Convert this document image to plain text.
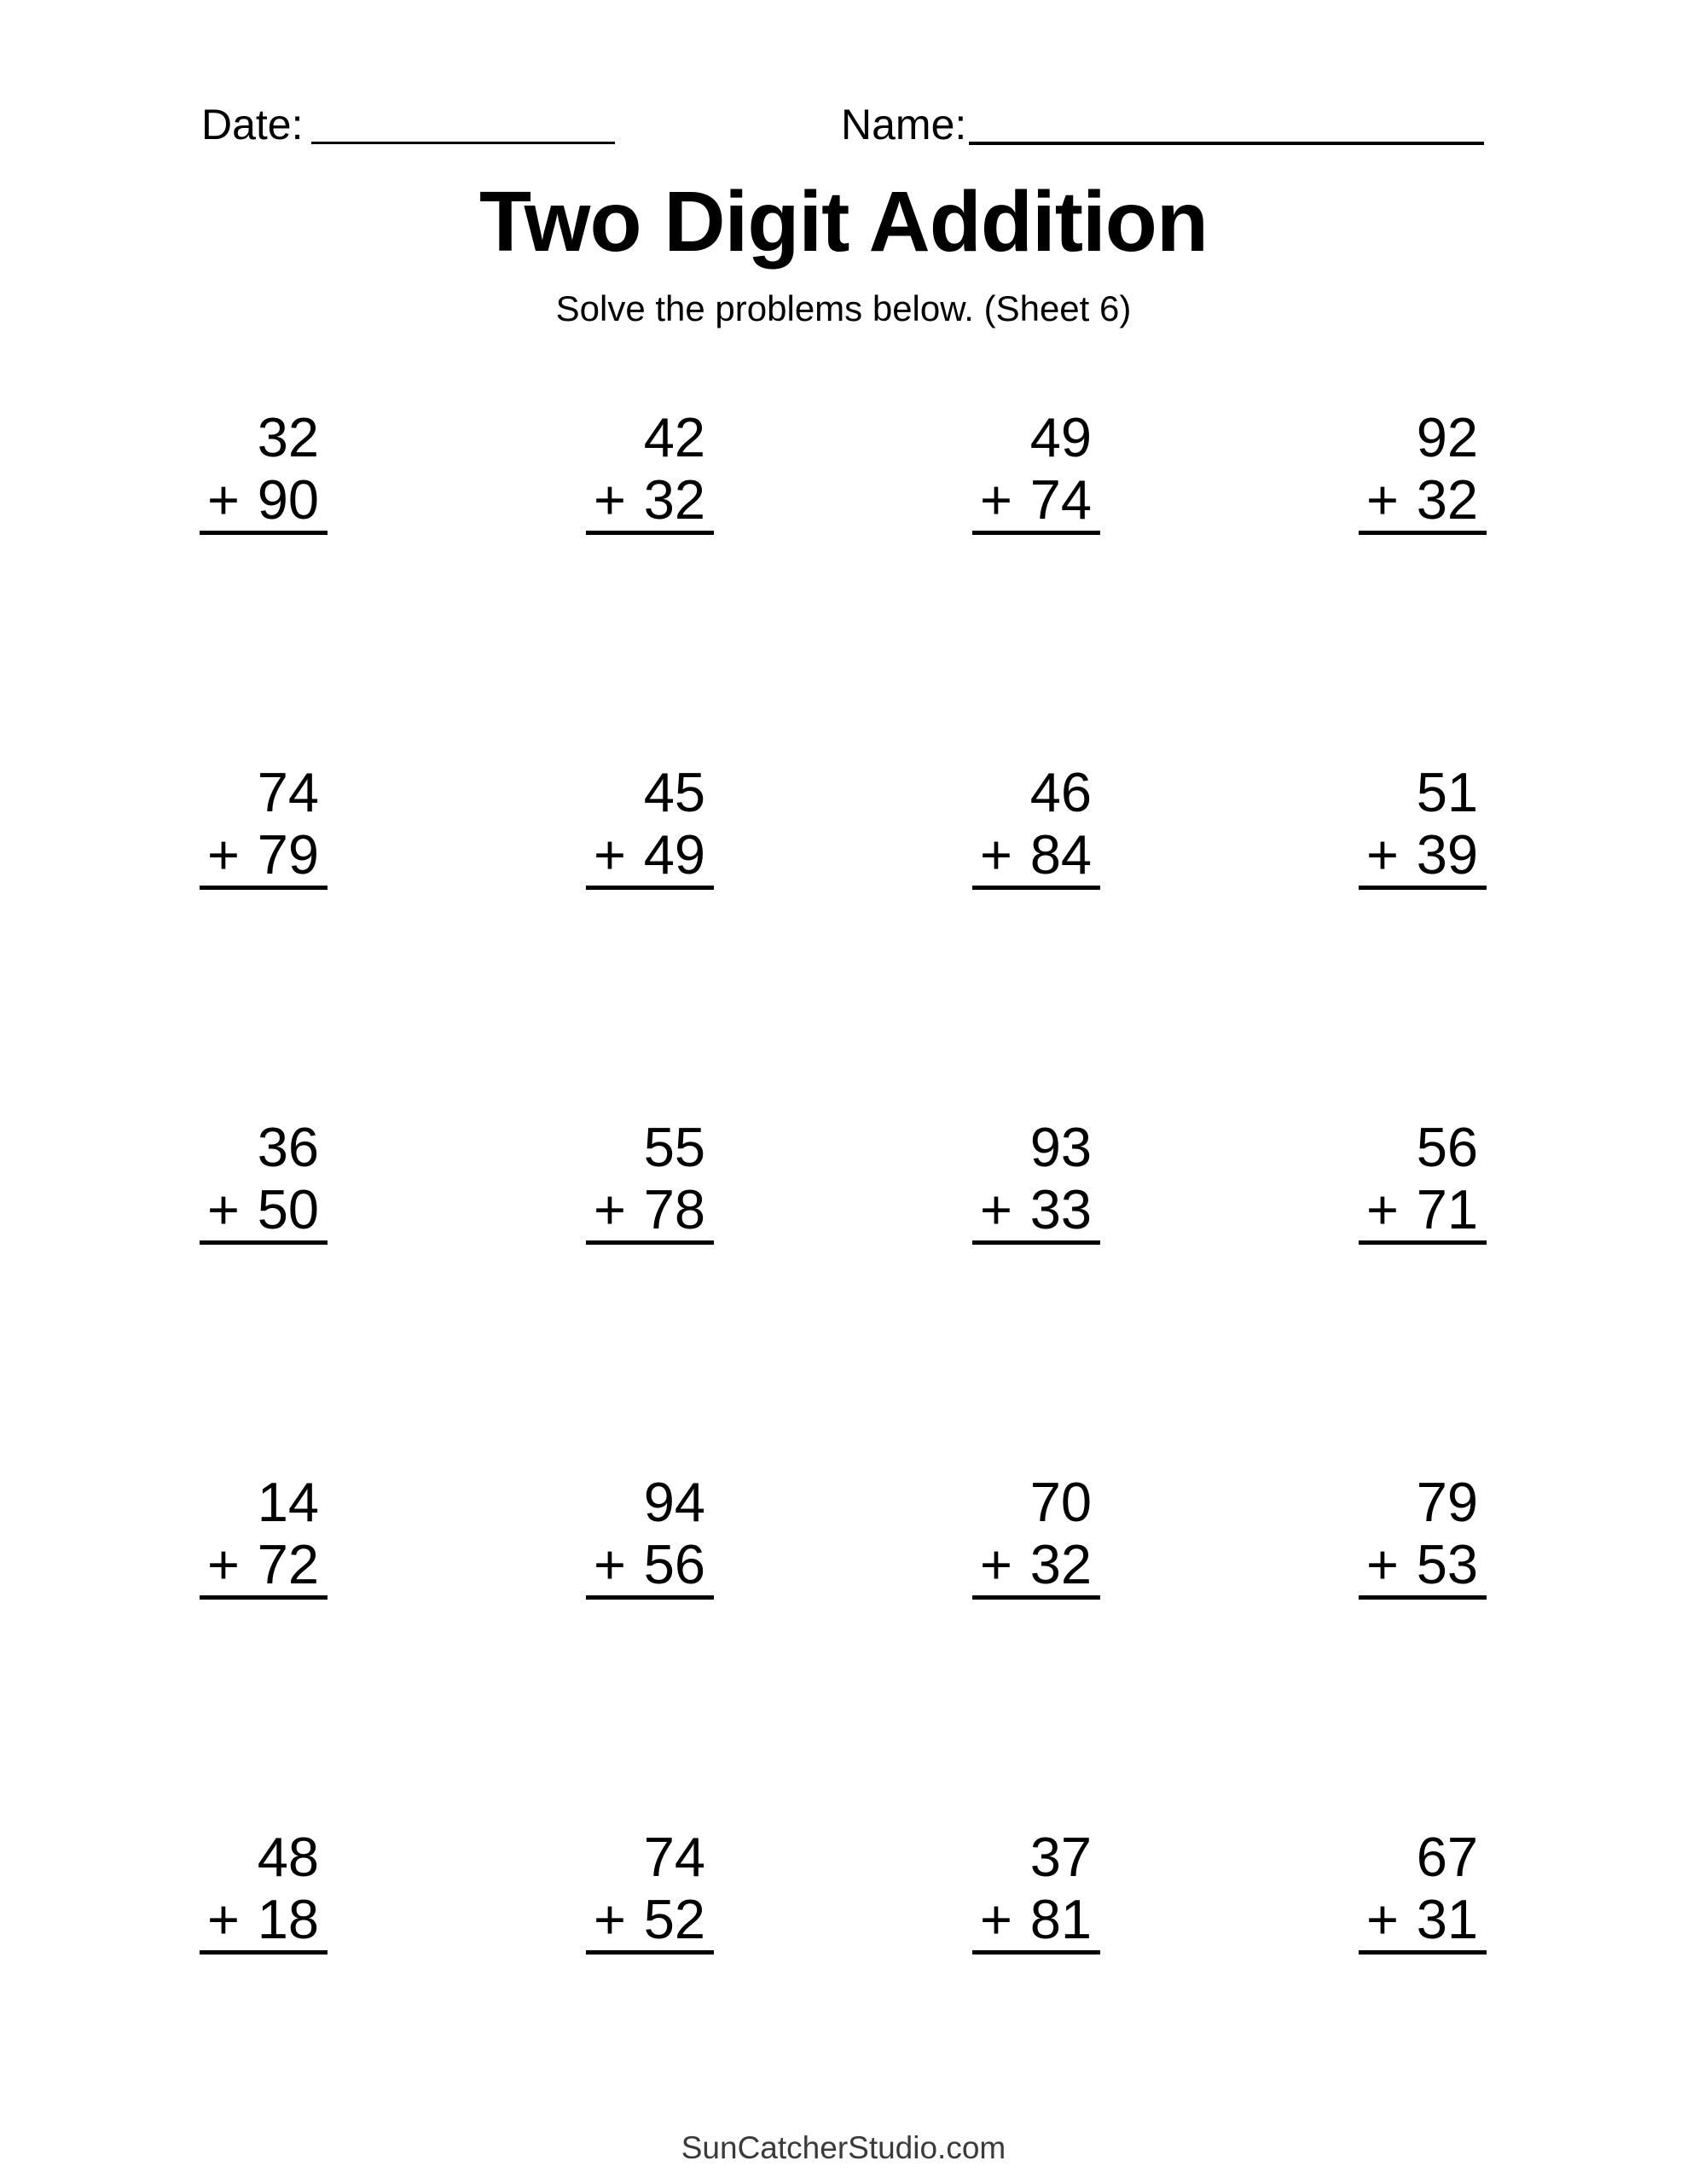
Date:	Name:
Two Digit Addition
Solve the problems below. (Sheet 6)
32
+ 90
42
+ 32
49
+ 74
92
+ 32
74
+ 79
45
+ 49
46
+ 84
51
+ 39
36
+ 50
55
+ 78
93
+ 33
56
+ 71
14
+ 72
94
+ 56
70
+ 32
79
+ 53
48
+ 18
74
+ 52
37
+ 81
67
+ 31
SunCatcherStudio.com
